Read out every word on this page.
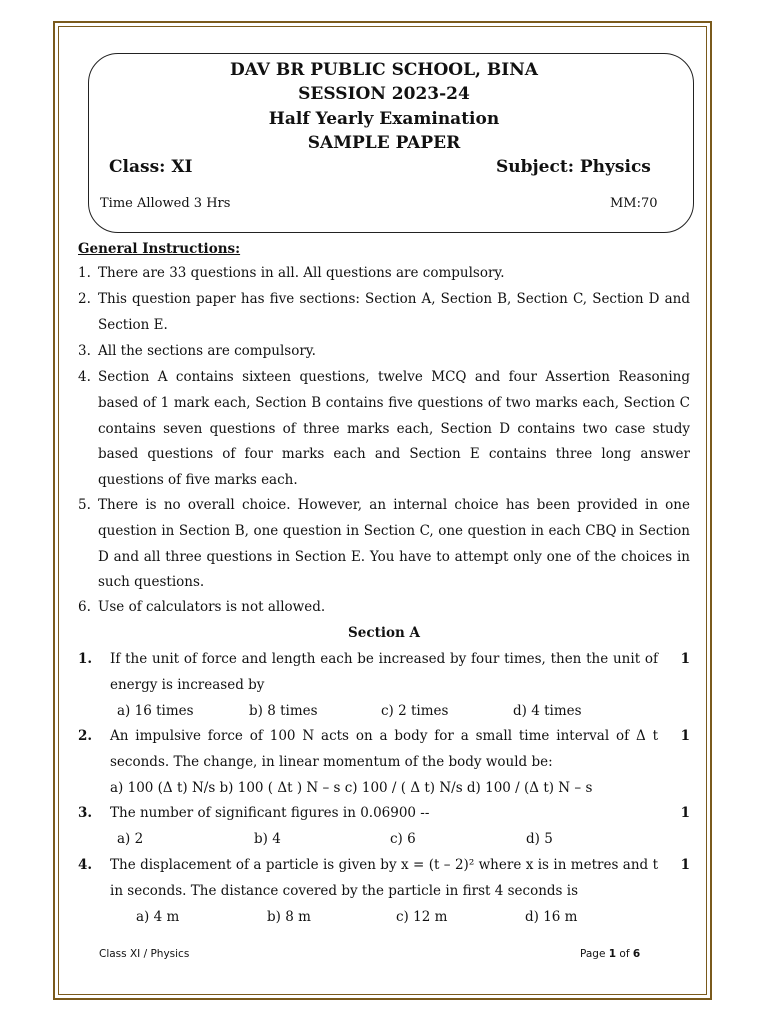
DAV BR PUBLIC SCHOOL, BINA
SESSION 2023-24
Half Yearly Examination
SAMPLE PAPER
Class: XI	Subject: Physics
Time Allowed 3 Hrs	MM:70
General Instructions:
1. There are 33 questions in all. All questions are compulsory.
2. This question paper has five sections: Section A, Section B, Section C, Section D and Section E.
3. All the sections are compulsory.
4. Section A contains sixteen questions, twelve MCQ and four Assertion Reasoning based of 1 mark each, Section B contains five questions of two marks each, Section C contains seven questions of three marks each, Section D contains two case study based questions of four marks each and Section E contains three long answer questions of five marks each.
5. There is no overall choice. However, an internal choice has been provided in one question in Section B, one question in Section C, one question in each CBQ in Section D and all three questions in Section E. You have to attempt only one of the choices in such questions.
6. Use of calculators is not allowed.
Section A
1. If the unit of force and length each be increased by four times, then the unit of energy is increased by
1
a) 16 times	b) 8 times	c) 2 times	d) 4 times
2. An impulsive force of 100 N acts on a body for a small time interval of Δ t seconds. The change, in linear momentum of the body would be:
1
a) 100 (Δ t) N/s b) 100 ( Δt ) N – s c) 100 / ( Δ t) N/s d) 100 / (Δ t) N – s
3. The number of significant figures in 0.06900 --	1
a) 2	b) 4	c) 6	d) 5
4. The displacement of a particle is given by x = (t – 2)² where x is in metres and t in seconds. The distance covered by the particle in first 4 seconds is
1
a) 4 m	b) 8 m	c) 12 m	d) 16 m
Class XI / Physics	Page 1 of 6
